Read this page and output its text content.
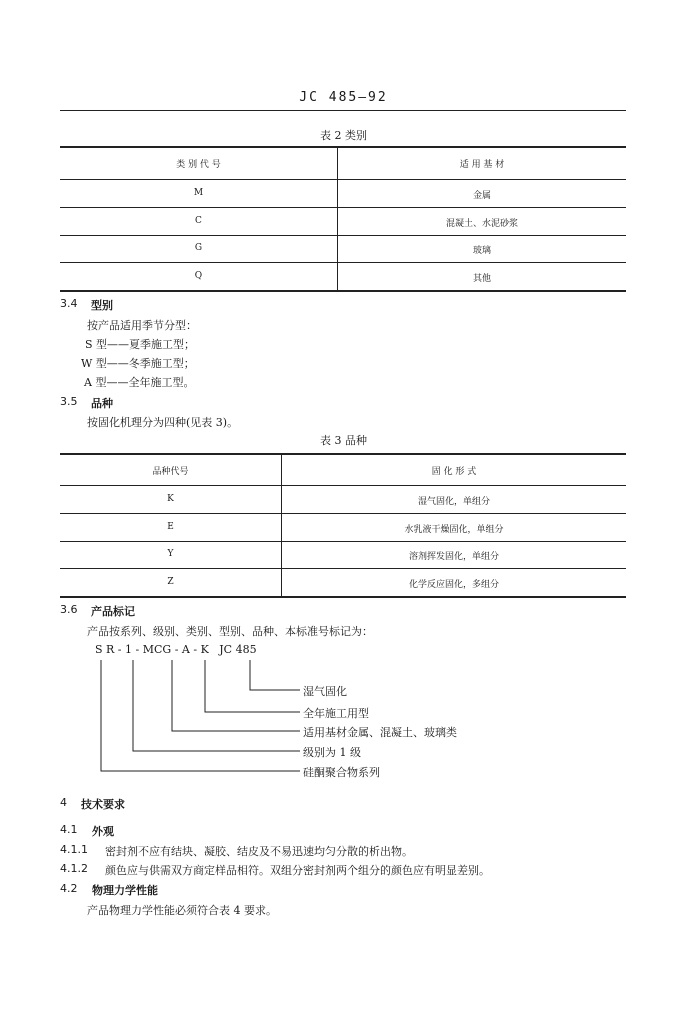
JC 485—92
表 2 类别
类 别 代 号	适 用 基 材
M	金属
C	混凝土、水泥砂浆
G	玻璃
Q	其他
3.4 型别
按产品适用季节分型：
S 型——夏季施工型；
W 型——冬季施工型；
A 型——全年施工型。
3.5 品种
按固化机理分为四种(见表 3)。
表 3 品种
品种代号	固 化 形 式
K	湿气固化，单组分
E	水乳液干燥固化，单组分
Y	溶剂挥发固化，单组分
Z	化学反应固化，多组分
3.6 产品标记
产品按系列、级别、类别、型别、品种、本标准号标记为：
S R - 1 - MCG - A - K   JC 485
湿气固化
全年施工用型
适用基材金属、混凝土、玻璃类
级别为 1 级
硅酮聚合物系列
4 技术要求
4.1 外观
4.1.1 密封剂不应有结块、凝胶、结皮及不易迅速均匀分散的析出物。
4.1.2 颜色应与供需双方商定样品相符。双组分密封剂两个组分的颜色应有明显差别。
4.2 物理力学性能
产品物理力学性能必须符合表 4 要求。
